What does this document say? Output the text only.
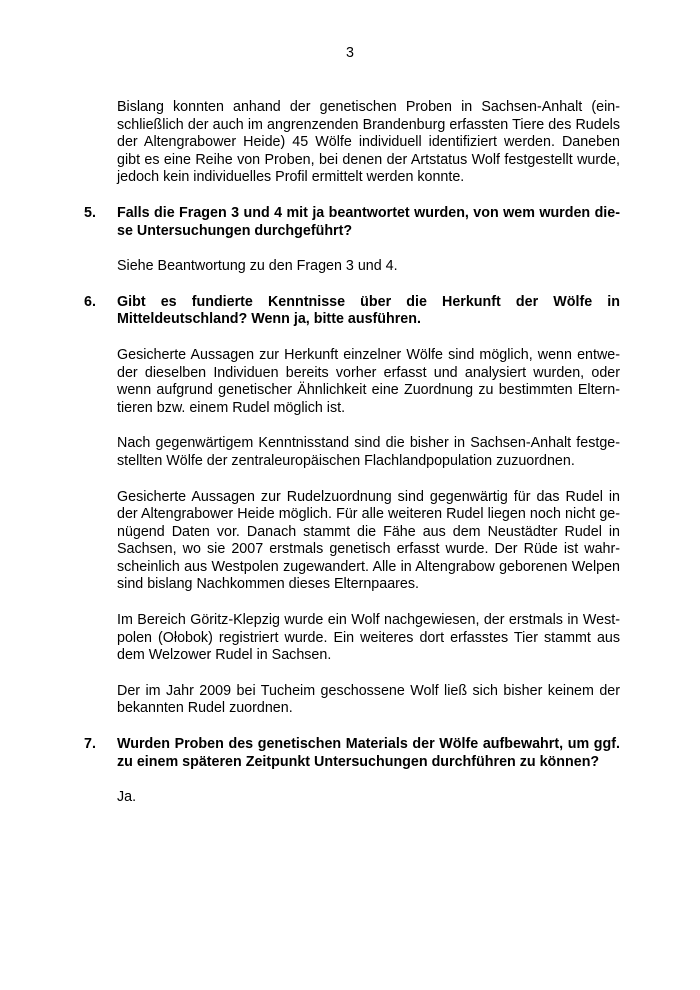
3

Bislang konnten anhand der genetischen Proben in Sachsen-Anhalt (einschließlich der auch im angrenzenden Brandenburg erfassten Tiere des Rudels der Altengrabower Heide) 45 Wölfe individuell identifiziert werden. Daneben gibt es eine Reihe von Proben, bei denen der Artstatus Wolf festgestellt wurde, jedoch kein individuelles Profil ermittelt werden konnte.

5.	Falls die Fragen 3 und 4 mit ja beantwortet wurden, von wem wurden diese Untersuchungen durchgeführt?

Siehe Beantwortung zu den Fragen 3 und 4.

6.	Gibt es fundierte Kenntnisse über die Herkunft der Wölfe in Mitteldeutschland? Wenn ja, bitte ausführen.

Gesicherte Aussagen zur Herkunft einzelner Wölfe sind möglich, wenn entweder dieselben Individuen bereits vorher erfasst und analysiert wurden, oder wenn aufgrund genetischer Ähnlichkeit eine Zuordnung zu bestimmten Elterntieren bzw. einem Rudel möglich ist.

Nach gegenwärtigem Kenntnisstand sind die bisher in Sachsen-Anhalt festgestellten Wölfe der zentraleuropäischen Flachlandpopulation zuzuordnen.

Gesicherte Aussagen zur Rudelzuordnung sind gegenwärtig für das Rudel in der Altengrabower Heide möglich. Für alle weiteren Rudel liegen noch nicht genügend Daten vor. Danach stammt die Fähe aus dem Neustädter Rudel in Sachsen, wo sie 2007 erstmals genetisch erfasst wurde. Der Rüde ist wahrscheinlich aus Westpolen zugewandert. Alle in Altengrabow geborenen Welpen sind bislang Nachkommen dieses Elternpaares.

Im Bereich Göritz-Klepzig wurde ein Wolf nachgewiesen, der erstmals in Westpolen (Ołobok) registriert wurde. Ein weiteres dort erfasstes Tier stammt aus dem Welzower Rudel in Sachsen.

Der im Jahr 2009 bei Tucheim geschossene Wolf ließ sich bisher keinem der bekannten Rudel zuordnen.

7.	Wurden Proben des genetischen Materials der Wölfe aufbewahrt, um ggf. zu einem späteren Zeitpunkt Untersuchungen durchführen zu können?

Ja.
